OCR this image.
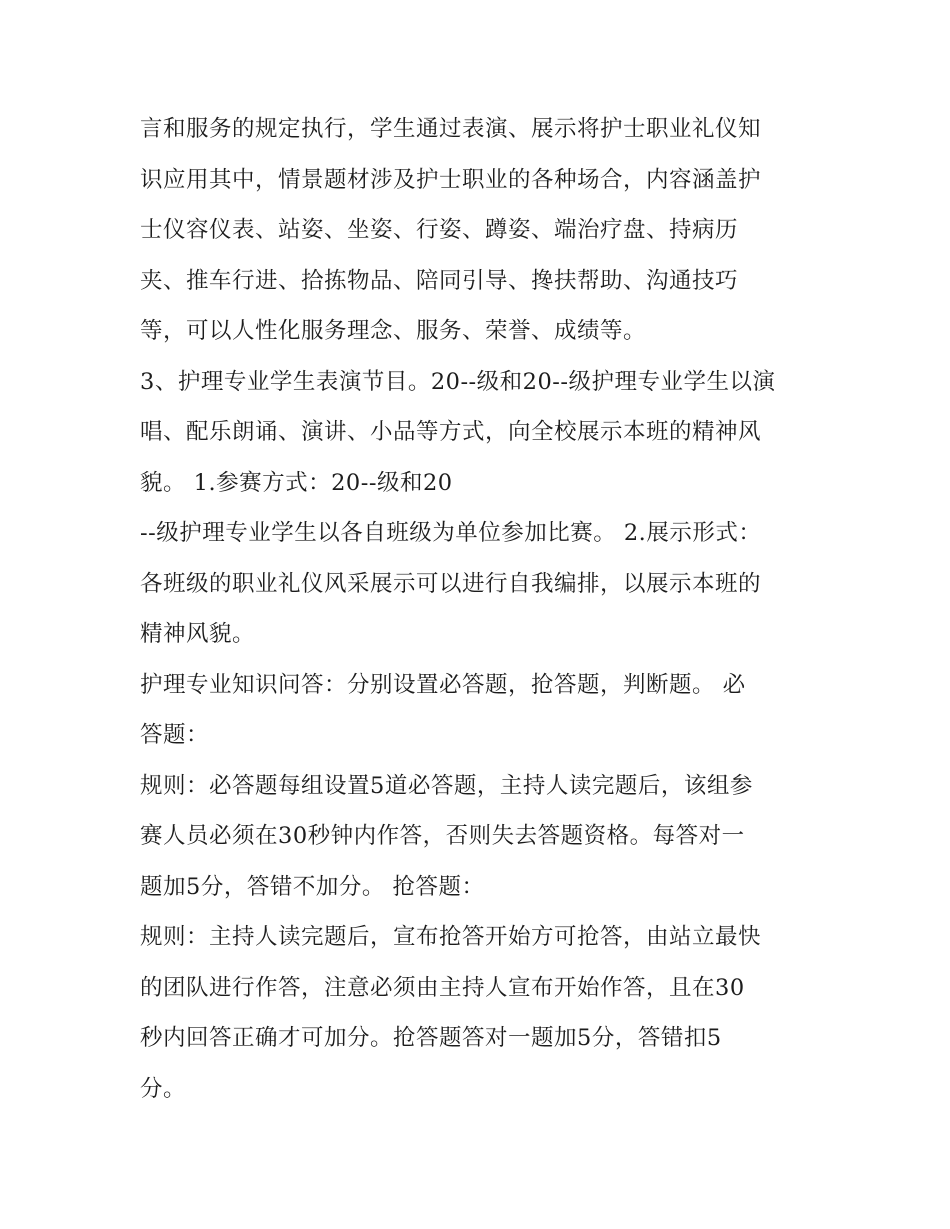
言和服务的规定执行，学生通过表演、展示将护士职业礼仪知
识应用其中，情景题材涉及护士职业的各种场合，内容涵盖护
士仪容仪表、站姿、坐姿、行姿、蹲姿、端治疗盘、持病历
夹、推车行进、拾拣物品、陪同引导、搀扶帮助、沟通技巧
等，可以人性化服务理念、服务、荣誉、成绩等。
3、护理专业学生表演节目。20--级和20--级护理专业学生以演
唱、配乐朗诵、演讲、小品等方式，向全校展示本班的精神风
貌。 1.参赛方式：20--级和20
--级护理专业学生以各自班级为单位参加比赛。 2.展示形式：
各班级的职业礼仪风采展示可以进行自我编排，以展示本班的
精神风貌。
护理专业知识问答：分别设置必答题，抢答题，判断题。 必
答题：
规则：必答题每组设置5道必答题，主持人读完题后，该组参
赛人员必须在30秒钟内作答，否则失去答题资格。每答对一
题加5分，答错不加分。 抢答题：
规则：主持人读完题后，宣布抢答开始方可抢答，由站立最快
的团队进行作答，注意必须由主持人宣布开始作答，且在30
秒内回答正确才可加分。抢答题答对一题加5分，答错扣5
分。
